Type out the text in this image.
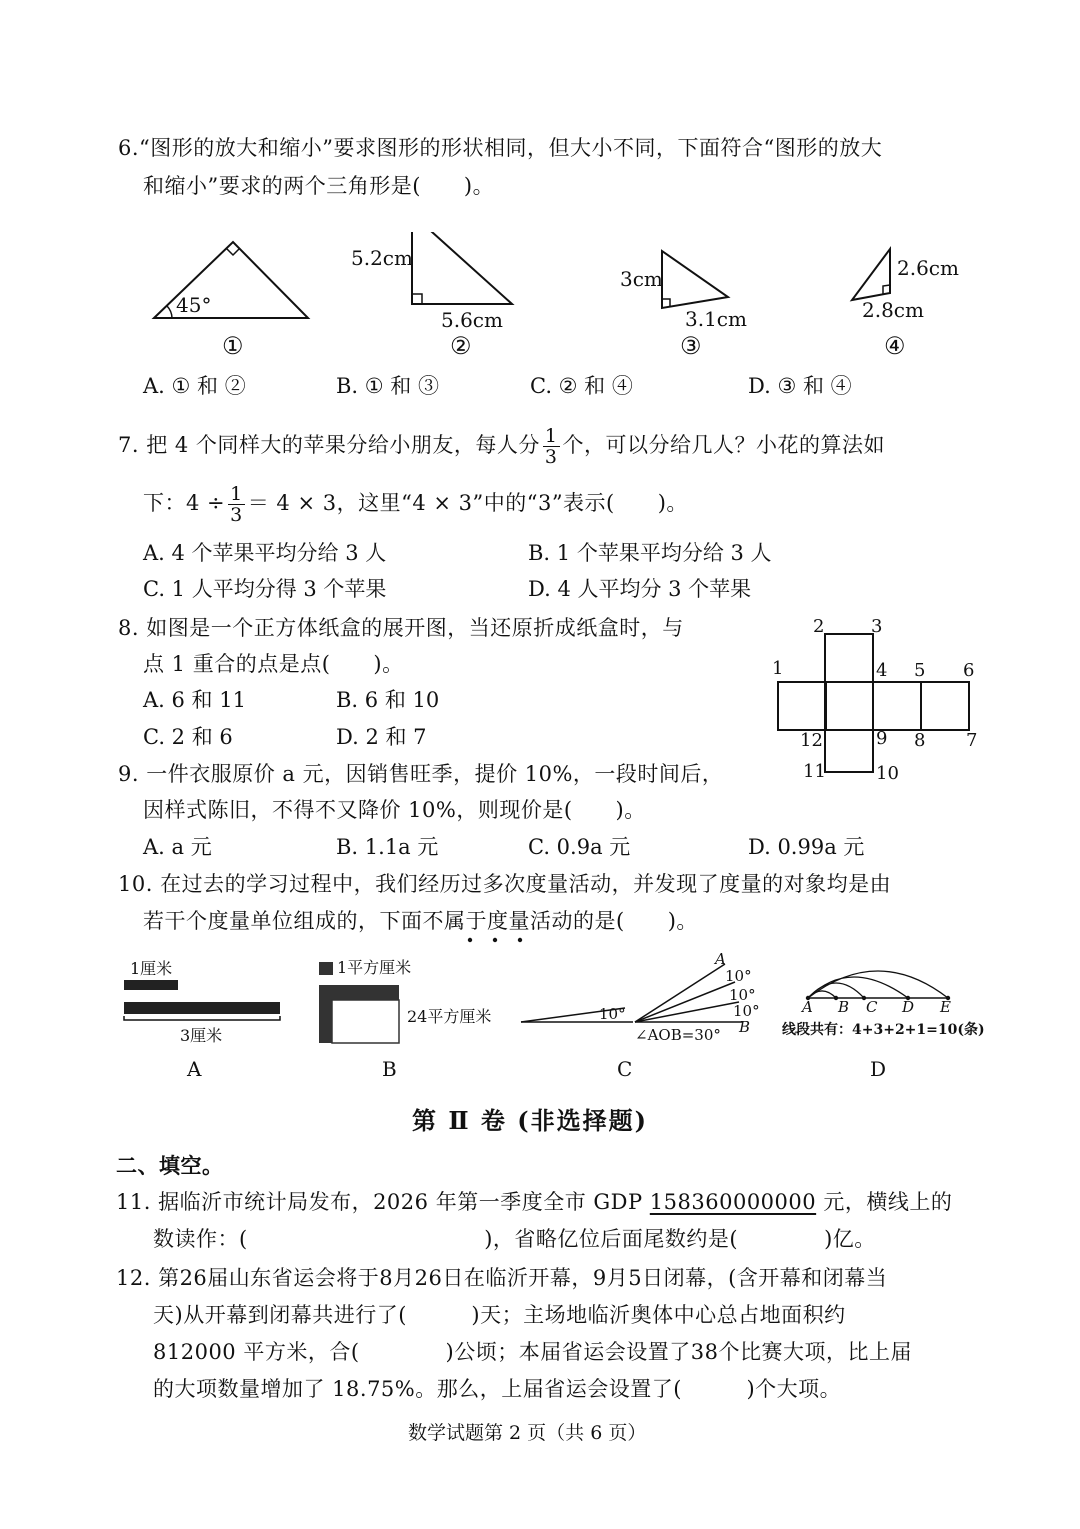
6.“图形的放大和缩小”要求图形的形状相同，但大小不同，下面符合“图形的放大
和缩小”要求的两个三角形是(　　)。
45°
5.2cm
5.6cm
3cm
3.1cm
2.6cm
2.8cm
①	②	③	④
A. ① 和 ②	B. ① 和 ③	C. ② 和 ④	D. ③ 和 ④
7. 把 4 个同样大的苹果分给小朋友，每人分 $\frac{1}{3}$ 个，可以分给几人？小花的算法如
下：$4 \div \frac{1}{3} = 4 \times 3$，这里“4 × 3”中的“3”表示(　　)。
A. 4 个苹果平均分给 3 人	B. 1 个苹果平均分给 3 人
C. 1 人平均分得 3 个苹果	D. 4 人平均分 3 个苹果
8. 如图是一个正方体纸盒的展开图，当还原折成纸盒时，与
点 1 重合的点是点(　　)。
A. 6 和 11	B. 6 和 10
C. 2 和 6	D. 2 和 7
1
2	3
4 5 6
7
8
9
10
11
12
9. 一件衣服原价 a 元，因销售旺季，提价 10%，一段时间后，
因样式陈旧，不得不又降价 10%，则现价是(　　)。
A. a 元	B. 1.1a 元	C. 0.9a 元	D. 0.99a 元
10. 在过去的学习过程中，我们经历过多次度量活动，并发现了度量的对象均是由
若干个度量单位组成的，下面不属于度量活动的是(　　)。
1厘米
3厘米
A
1平方厘米
24平方厘米
B
10°
A
10°
10°
10°
B
∠AOB=30°
C
A B C D E
线段共有：4+3+2+1=10(条)
D
第 Ⅱ 卷 (非选择题)
二、填空。
11. 据临沂市统计局发布，2026 年第一季度全市 GDP 158360000000 元，横线上的
数读作：(　　　　　　　　　　　)，省略亿位后面尾数约是(　　　　)亿。
12. 第26届山东省运会将于8月26日在临沂开幕，9月5日闭幕，(含开幕和闭幕当
天)从开幕到闭幕共进行了(　　　)天；主场地临沂奥体中心总占地面积约
812000 平方米，合(　　　　)公顷；本届省运会设置了38个比赛大项，比上届
的大项数量增加了 18.75%。那么，上届省运会设置了(　　　)个大项。
数学试题第 2 页（共 6 页）
